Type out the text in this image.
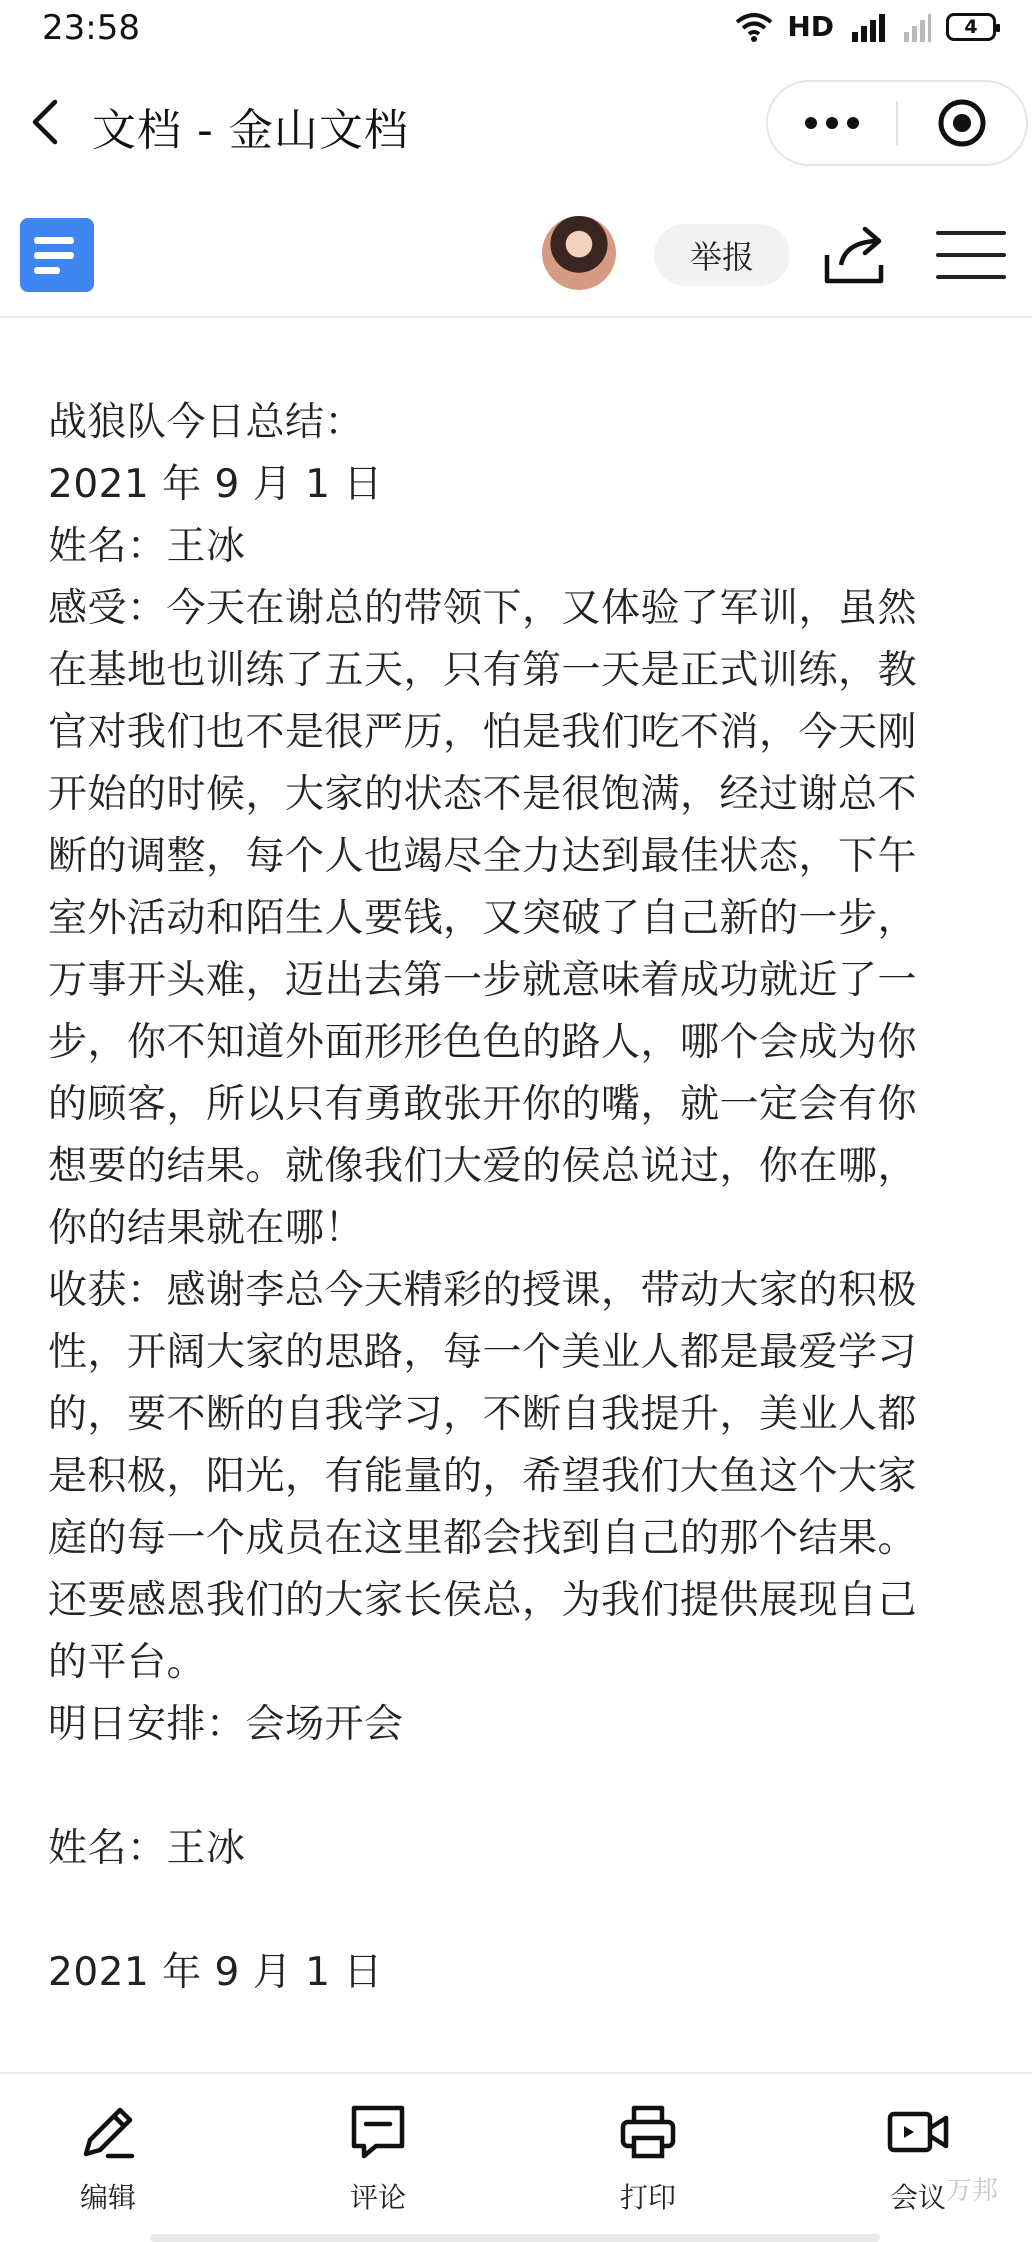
23:58	HD	4
文档 - 金山文档
举报
战狼队今日总结：
2021 年 9 月 1 日
姓名：王冰
感受：今天在谢总的带领下，又体验了军训，虽然
在基地也训练了五天，只有第一天是正式训练，教
官对我们也不是很严历，怕是我们吃不消，今天刚
开始的时候，大家的状态不是很饱满，经过谢总不
断的调整，每个人也竭尽全力达到最佳状态，下午
室外活动和陌生人要钱，又突破了自己新的一步，
万事开头难，迈出去第一步就意味着成功就近了一
步，你不知道外面形形色色的路人，哪个会成为你
的顾客，所以只有勇敢张开你的嘴，就一定会有你
想要的结果。就像我们大爱的侯总说过，你在哪，
你的结果就在哪！
收获：感谢李总今天精彩的授课，带动大家的积极
性，开阔大家的思路，每一个美业人都是最爱学习
的，要不断的自我学习，不断自我提升，美业人都
是积极，阳光，有能量的，希望我们大鱼这个大家
庭的每一个成员在这里都会找到自己的那个结果。
还要感恩我们的大家长侯总，为我们提供展现自己
的平台。
明日安排：会场开会
姓名：王冰
2021 年 9 月 1 日
编辑	评论	打印	会议 万邦
